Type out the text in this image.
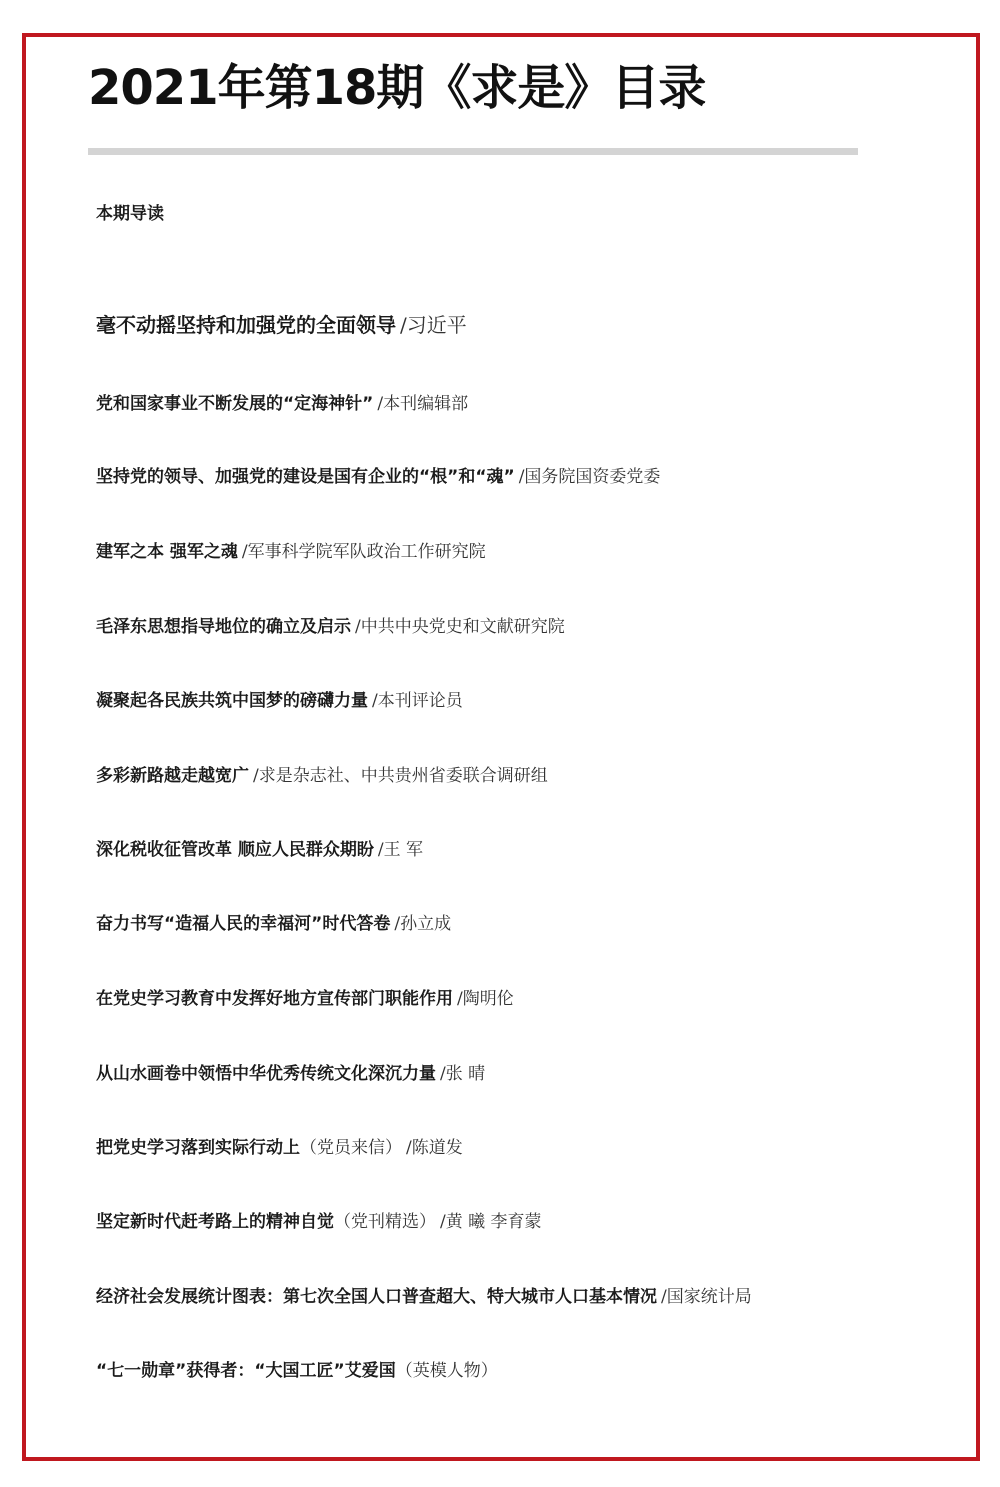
2021年第18期《求是》目录
本期导读
毫不动摇坚持和加强党的全面领导 /习近平
党和国家事业不断发展的“定海神针” /本刊编辑部
坚持党的领导、加强党的建设是国有企业的“根”和“魂” /国务院国资委党委
建军之本 强军之魂 /军事科学院军队政治工作研究院
毛泽东思想指导地位的确立及启示 /中共中央党史和文献研究院
凝聚起各民族共筑中国梦的磅礴力量 /本刊评论员
多彩新路越走越宽广 /求是杂志社、中共贵州省委联合调研组
深化税收征管改革 顺应人民群众期盼 /王 军
奋力书写“造福人民的幸福河”时代答卷 /孙立成
在党史学习教育中发挥好地方宣传部门职能作用 /陶明伦
从山水画卷中领悟中华优秀传统文化深沉力量 /张 晴
把党史学习落到实际行动上（党员来信） /陈道发
坚定新时代赶考路上的精神自觉（党刊精选） /黄 曦 李育蒙
经济社会发展统计图表：第七次全国人口普查超大、特大城市人口基本情况 /国家统计局
“七一勋章”获得者：“大国工匠”艾爱国（英模人物）
